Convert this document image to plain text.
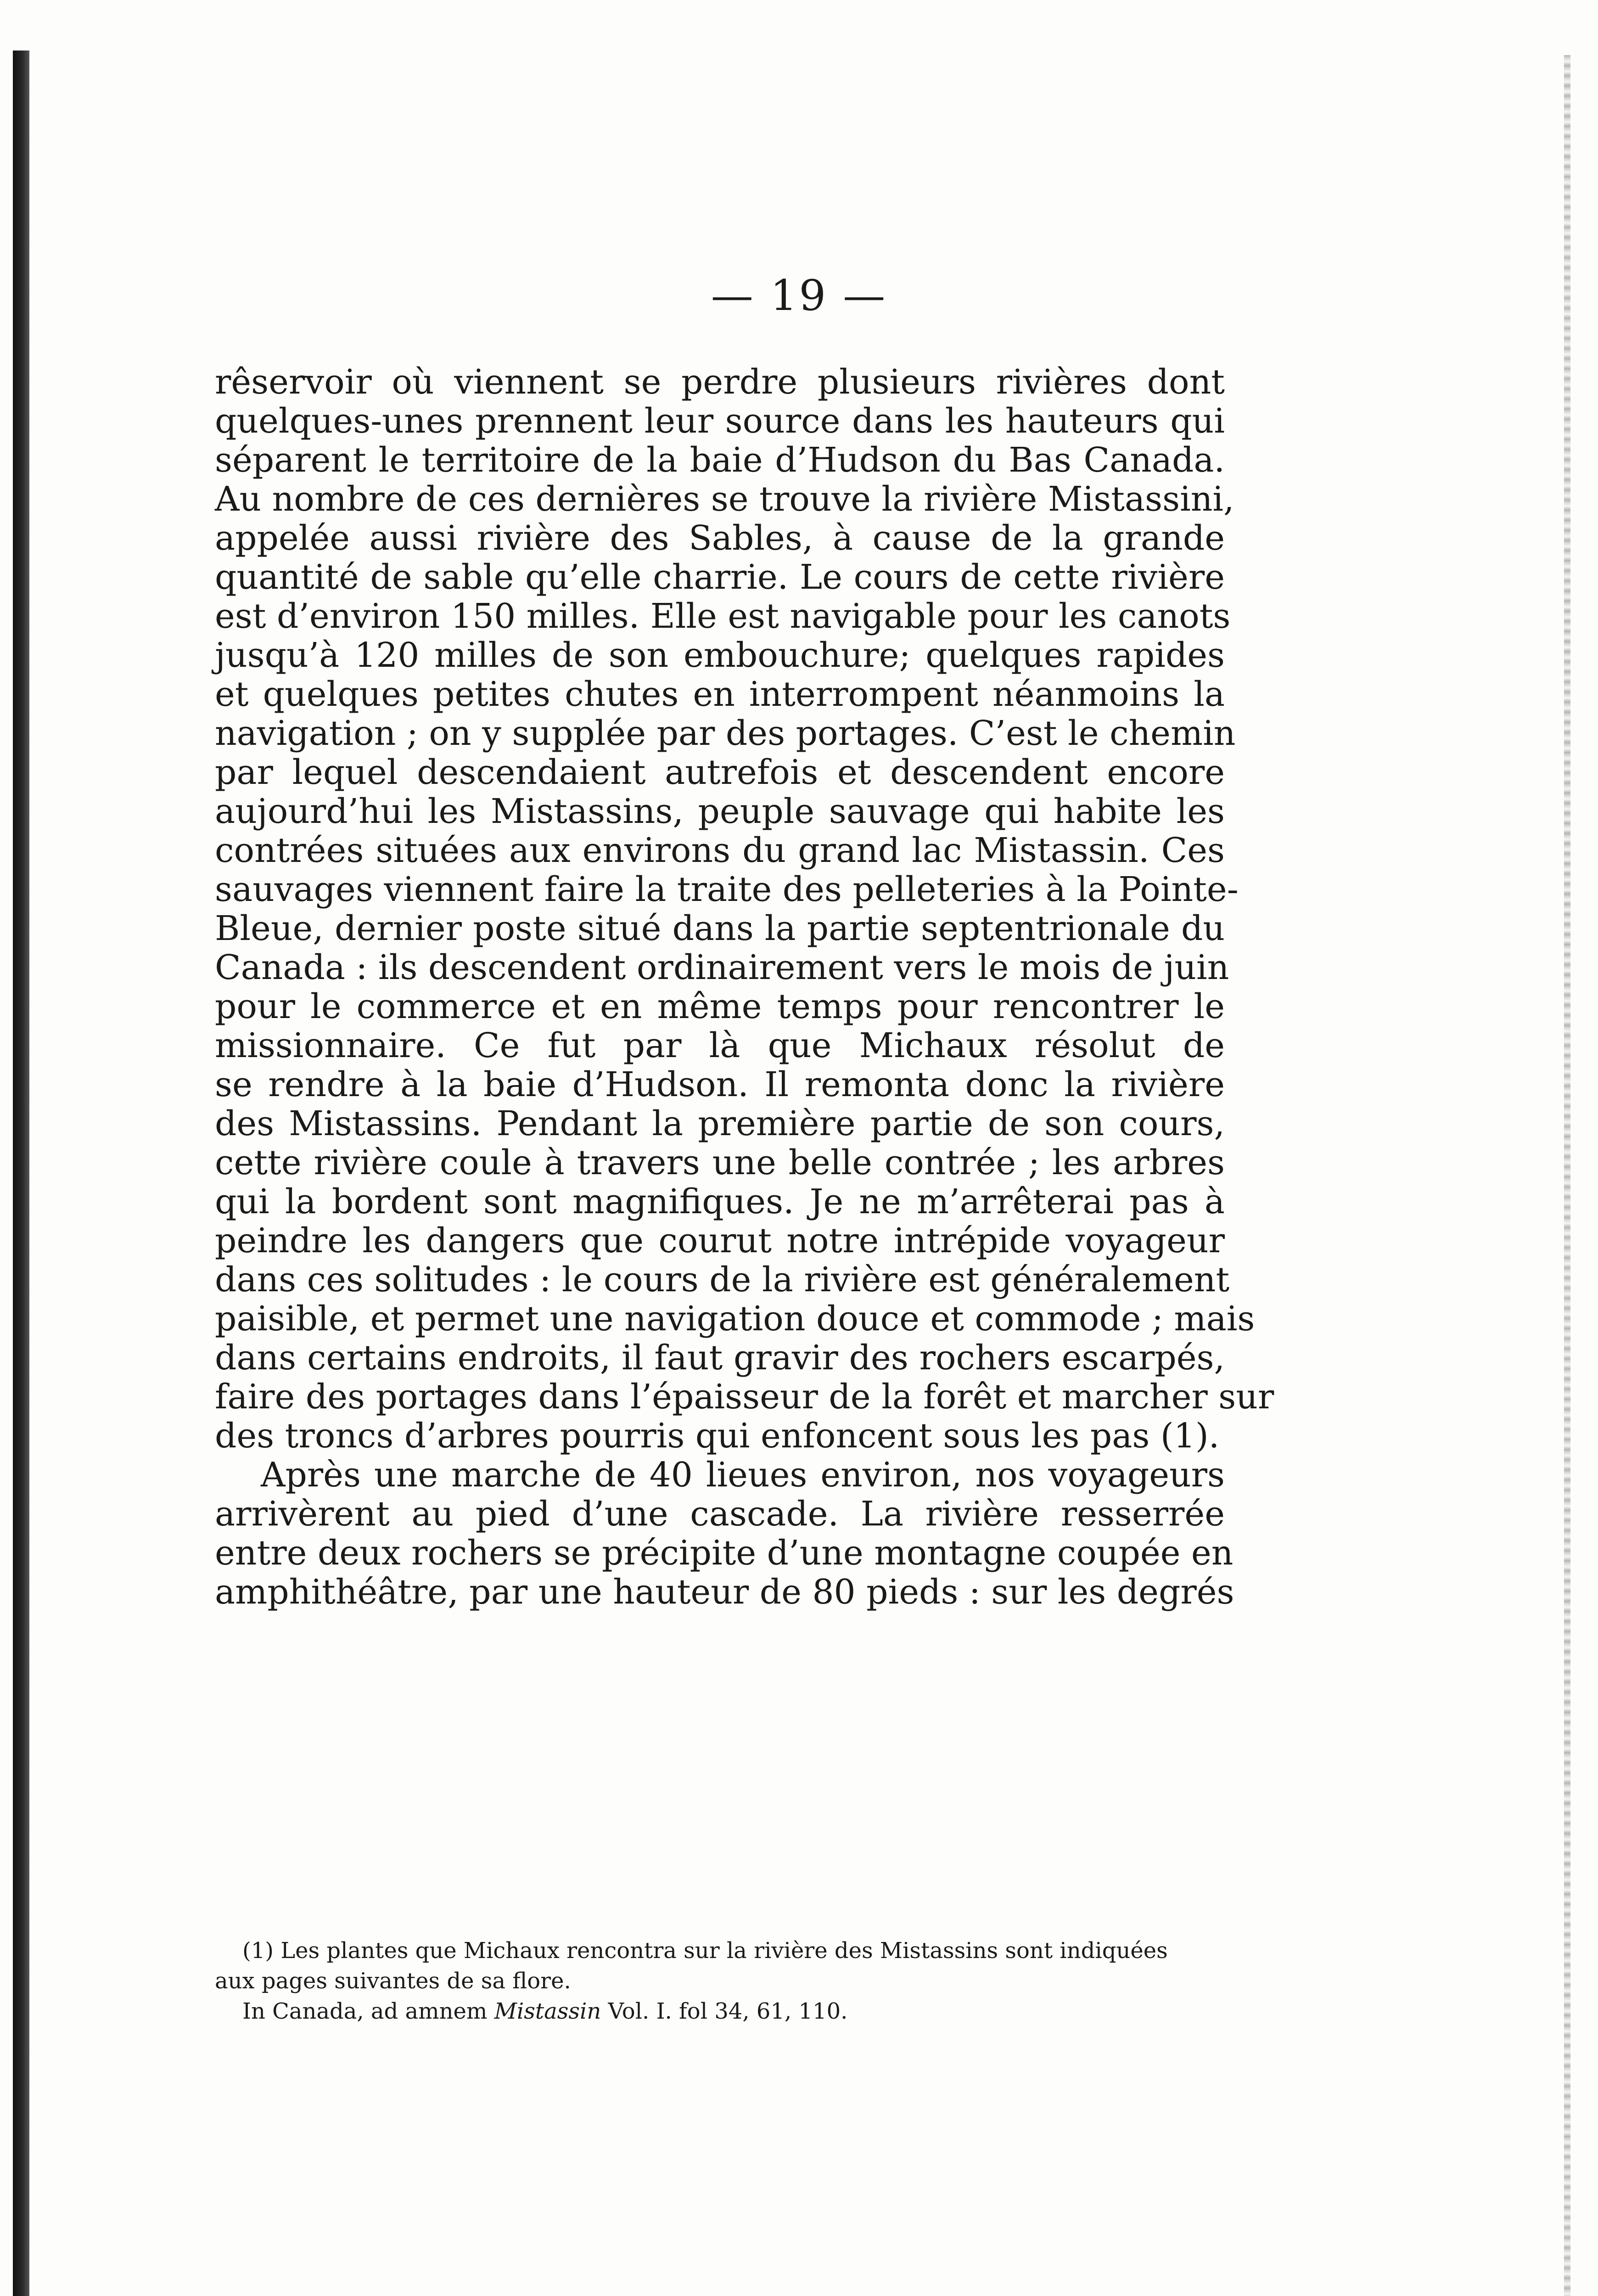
— 19 —
rêservoir où viennent se perdre plusieurs rivières dont
quelques-unes prennent leur source dans les hauteurs qui
séparent le territoire de la baie d’Hudson du Bas Canada.
Au nombre de ces dernières se trouve la rivière Mistassini,
appelée aussi rivière des Sables, à cause de la grande
quantité de sable qu’elle charrie. Le cours de cette rivière
est d’environ 150 milles. Elle est navigable pour les canots
jusqu’à 120 milles de son embouchure; quelques rapides
et quelques petites chutes en interrompent néanmoins la
navigation ; on y supplée par des portages. C’est le chemin
par lequel descendaient autrefois et descendent encore
aujourd’hui les Mistassins, peuple sauvage qui habite les
contrées situées aux environs du grand lac Mistassin. Ces
sauvages viennent faire la traite des pelleteries à la Pointe-
Bleue, dernier poste situé dans la partie septentrionale du
Canada : ils descendent ordinairement vers le mois de juin
pour le commerce et en même temps pour rencontrer le
missionnaire. Ce fut par là que Michaux résolut de
se rendre à la baie d’Hudson. Il remonta donc la rivière
des Mistassins. Pendant la première partie de son cours,
cette rivière coule à travers une belle contrée ; les arbres
qui la bordent sont magnifiques. Je ne m’arrêterai pas à
peindre les dangers que courut notre intrépide voyageur
dans ces solitudes : le cours de la rivière est généralement
paisible, et permet une navigation douce et commode ; mais
dans certains endroits, il faut gravir des rochers escarpés,
faire des portages dans l’épaisseur de la forêt et marcher sur
des troncs d’arbres pourris qui enfoncent sous les pas (1).
Après une marche de 40 lieues environ, nos voyageurs
arrivèrent au pied d’une cascade. La rivière resserrée
entre deux rochers se précipite d’une montagne coupée en
amphithéâtre, par une hauteur de 80 pieds : sur les degrés
(1) Les plantes que Michaux rencontra sur la rivière des Mistassins sont indiquées
aux pages suivantes de sa flore.
In Canada, ad amnem Mistassin Vol. I. fol 34, 61, 110.
